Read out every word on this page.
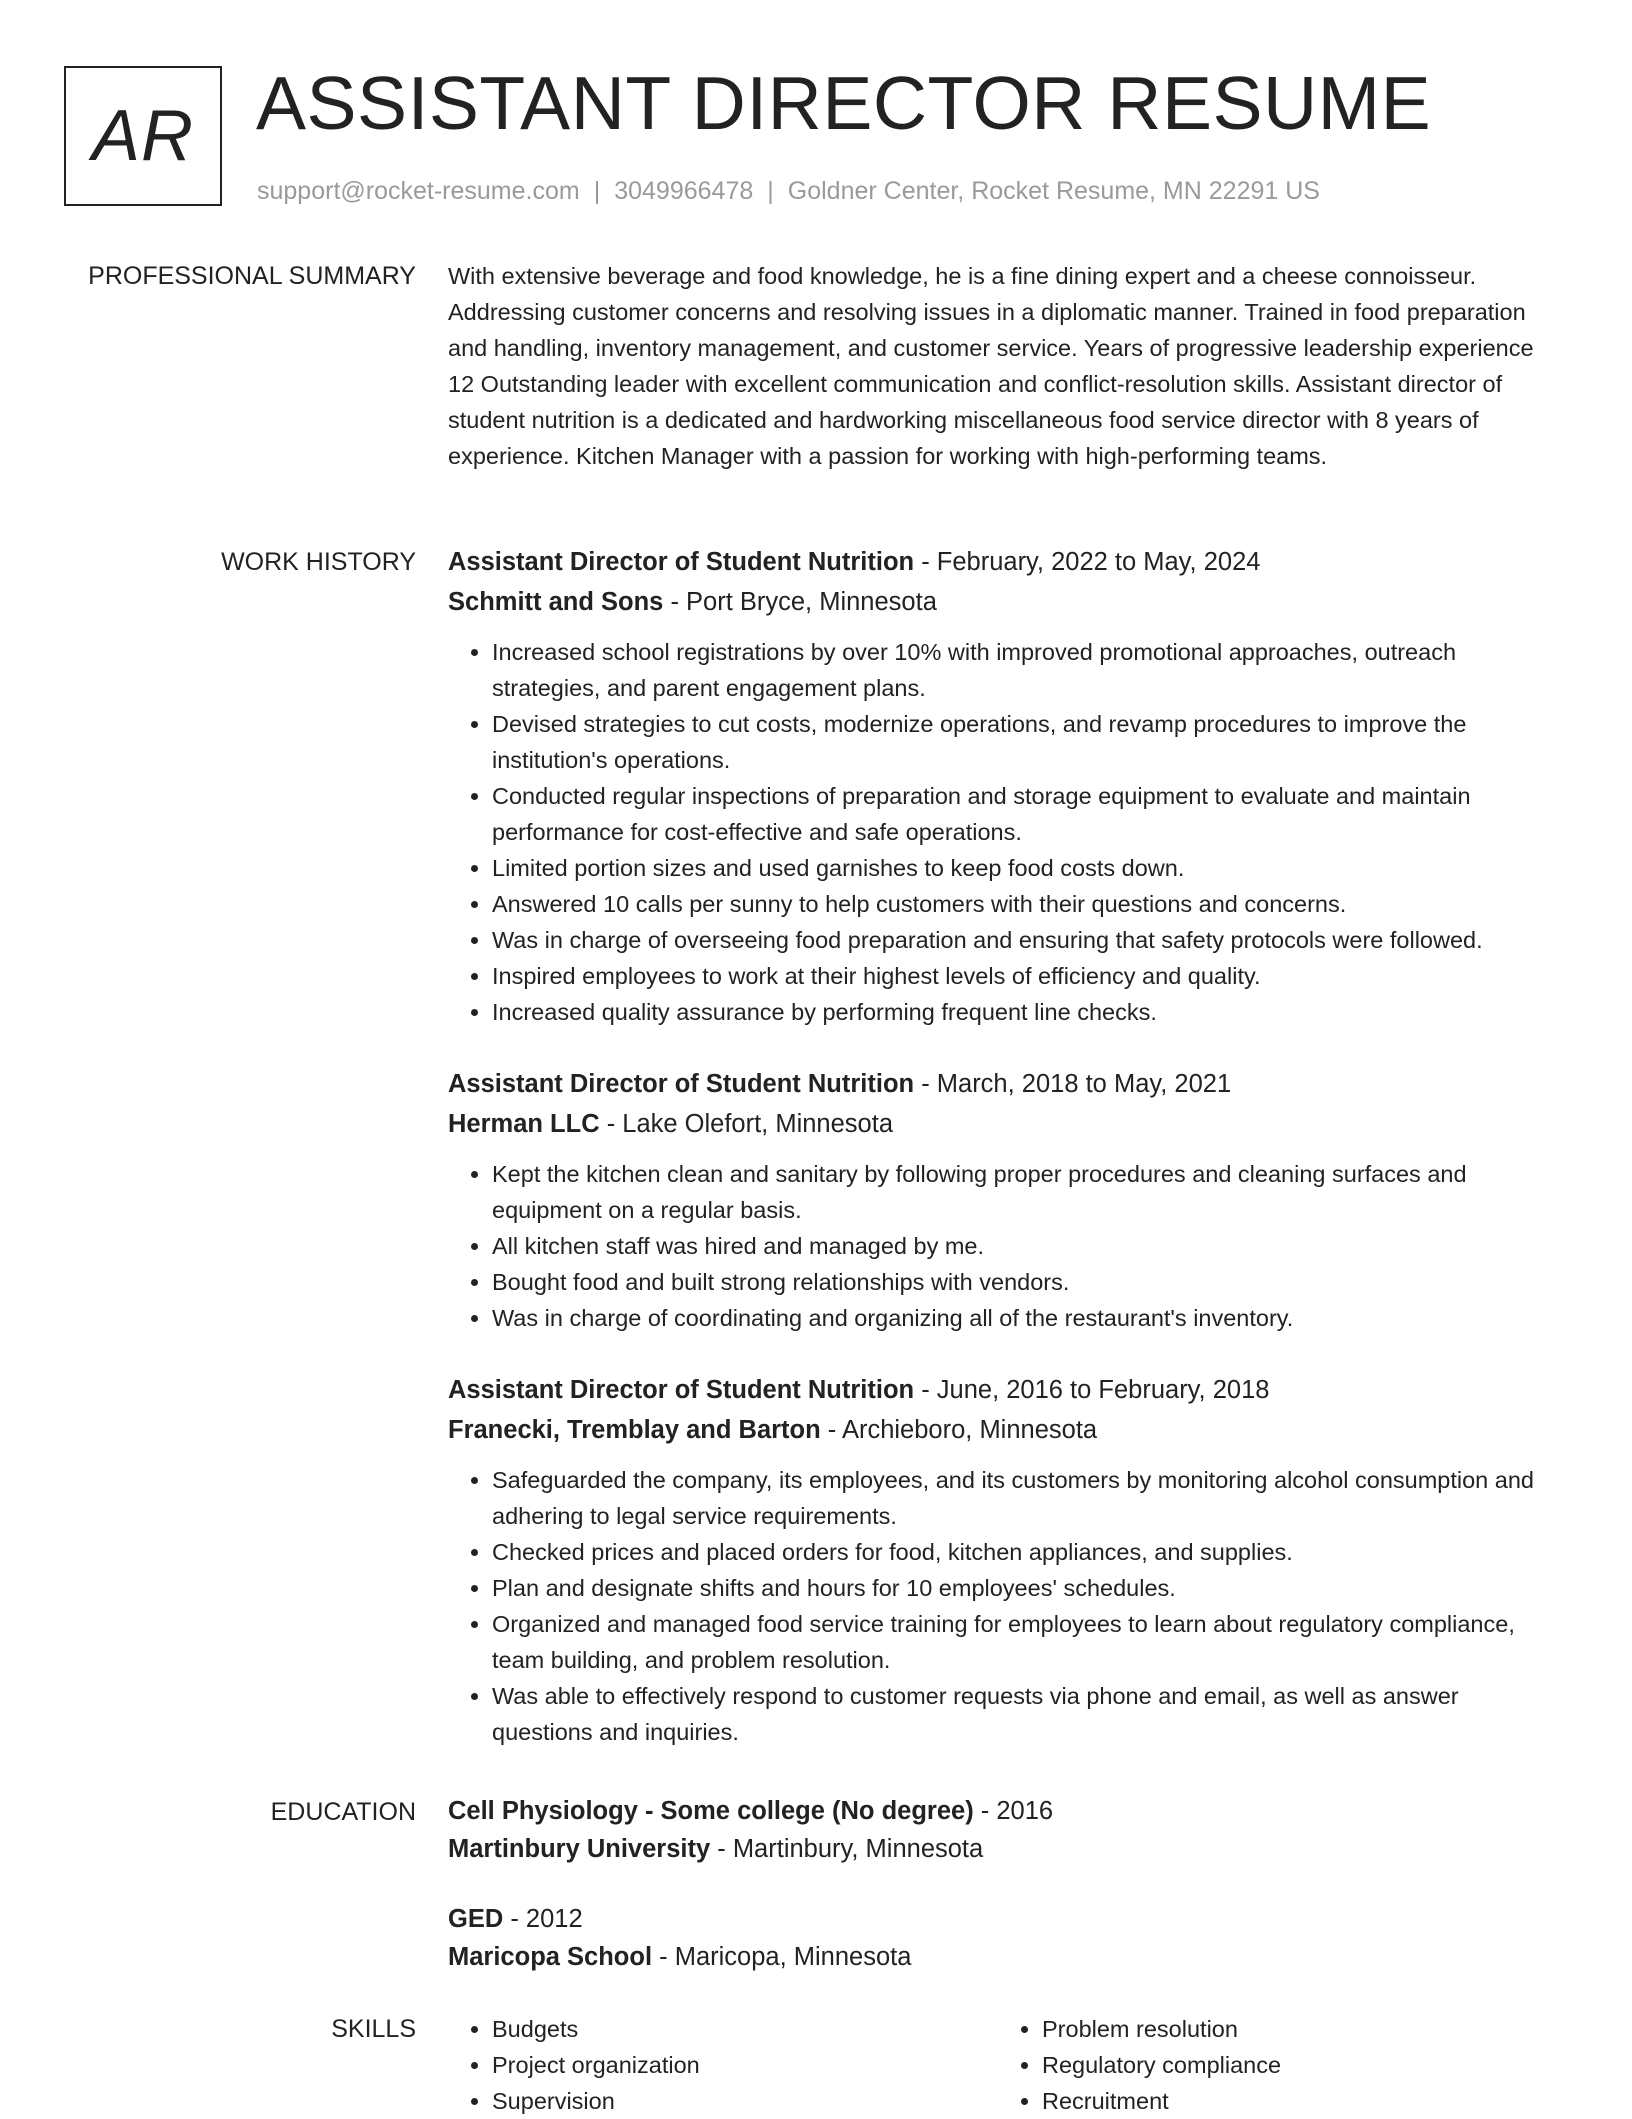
AR ASSISTANT DIRECTOR RESUME
support@rocket-resume.com | 3049966478 | Goldner Center, Rocket Resume, MN 22291 US
PROFESSIONAL SUMMARY With extensive beverage and food knowledge, he is a fine dining expert and a cheese connoisseur. Addressing customer concerns and resolving issues in a diplomatic manner. Trained in food preparation and handling, inventory management, and customer service. Years of progressive leadership experience 12 Outstanding leader with excellent communication and conflict-resolution skills. Assistant director of student nutrition is a dedicated and hardworking miscellaneous food service director with 8 years of experience. Kitchen Manager with a passion for working with high-performing teams.

WORK HISTORY Assistant Director of Student Nutrition - February, 2022 to May, 2024
Schmitt and Sons - Port Bryce, Minnesota
• Increased school registrations by over 10% with improved promotional approaches, outreach strategies, and parent engagement plans.
• Devised strategies to cut costs, modernize operations, and revamp procedures to improve the institution's operations.
• Conducted regular inspections of preparation and storage equipment to evaluate and maintain performance for cost-effective and safe operations.
• Limited portion sizes and used garnishes to keep food costs down.
• Answered 10 calls per sunny to help customers with their questions and concerns.
• Was in charge of overseeing food preparation and ensuring that safety protocols were followed.
• Inspired employees to work at their highest levels of efficiency and quality.
• Increased quality assurance by performing frequent line checks.
Assistant Director of Student Nutrition - March, 2018 to May, 2021
Herman LLC - Lake Olefort, Minnesota
• Kept the kitchen clean and sanitary by following proper procedures and cleaning surfaces and equipment on a regular basis.
• All kitchen staff was hired and managed by me.
• Bought food and built strong relationships with vendors.
• Was in charge of coordinating and organizing all of the restaurant's inventory.
Assistant Director of Student Nutrition - June, 2016 to February, 2018
Franecki, Tremblay and Barton - Archieboro, Minnesota
• Safeguarded the company, its employees, and its customers by monitoring alcohol consumption and adhering to legal service requirements.
• Checked prices and placed orders for food, kitchen appliances, and supplies.
• Plan and designate shifts and hours for 10 employees' schedules.
• Organized and managed food service training for employees to learn about regulatory compliance, team building, and problem resolution.
• Was able to effectively respond to customer requests via phone and email, as well as answer questions and inquiries.
EDUCATION Cell Physiology - Some college (No degree) - 2016
Martinbury University - Martinbury, Minnesota
GED - 2012
Maricopa School - Maricopa, Minnesota
SKILLS
•	Budgets
• Project organization
• Supervision
• Problem resolution
• Regulatory compliance
• Recruitment
